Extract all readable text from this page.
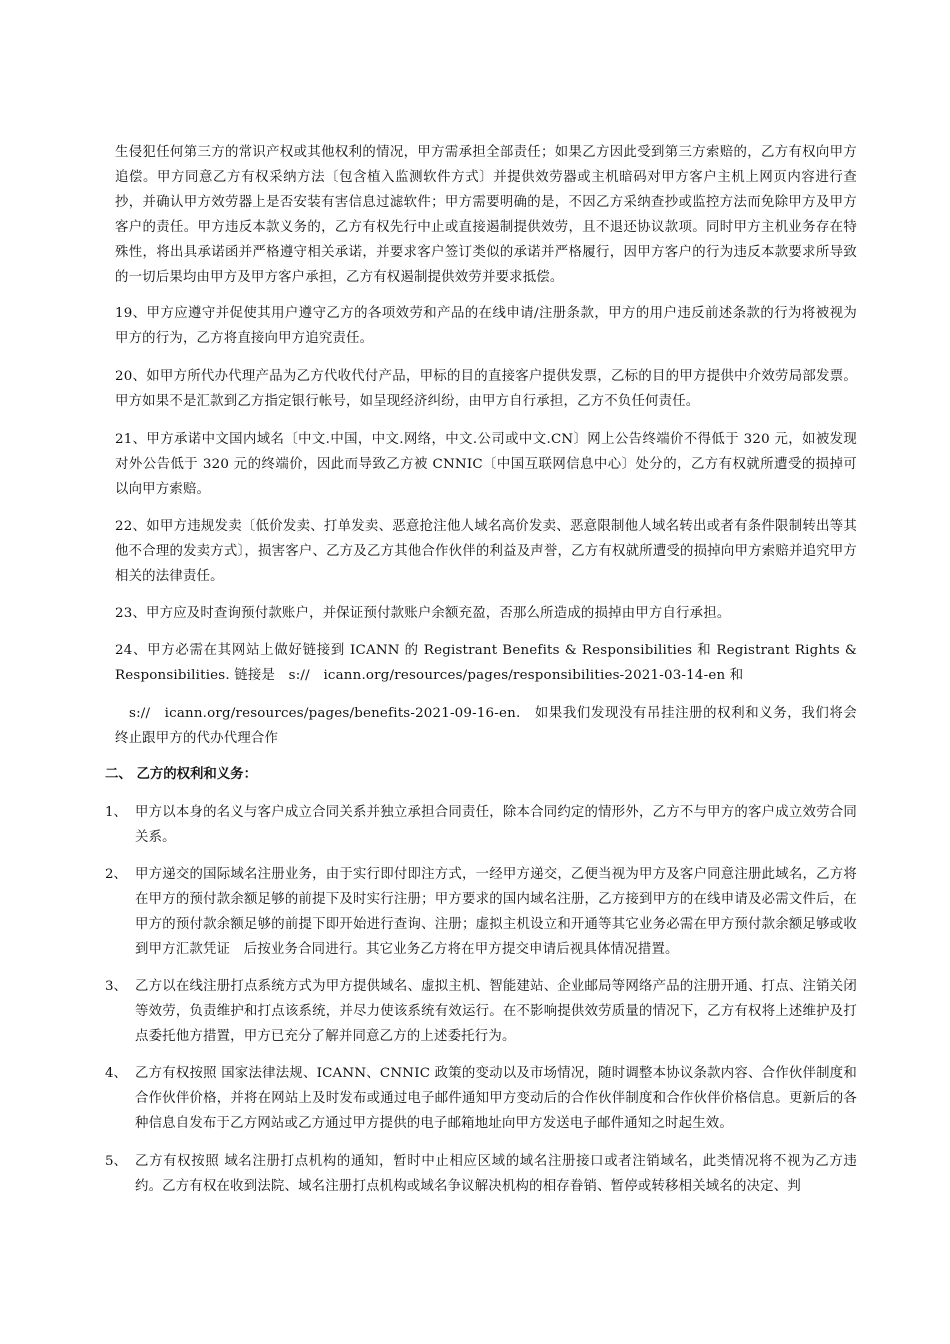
生侵犯任何第三方的常识产权或其他权利的情况，甲方需承担全部责任；如果乙方因此受到第三方索赔的，乙方有权向甲方追偿。甲方同意乙方有权采纳方法〔包含植入监测软件方式〕并提供效劳器或主机暗码对甲方客户主机上网页内容进行查抄，并确认甲方效劳器上是否安装有害信息过滤软件；甲方需要明确的是，不因乙方采纳查抄或监控方法而免除甲方及甲方客户的责任。甲方违反本款义务的，乙方有权先行中止或直接遏制提供效劳，且不退还协议款项。同时甲方主机业务存在特殊性，将出具承诺函并严格遵守相关承诺，并要求客户签订类似的承诺并严格履行，因甲方客户的行为违反本款要求所导致的一切后果均由甲方及甲方客户承担，乙方有权遏制提供效劳并要求抵偿。

19、甲方应遵守并促使其用户遵守乙方的各项效劳和产品的在线申请/注册条款，甲方的用户违反前述条款的行为将被视为甲方的行为，乙方将直接向甲方追究责任。

20、如甲方所代办代理产品为乙方代收代付产品，甲标的目的直接客户提供发票，乙标的目的甲方提供中介效劳局部发票。甲方如果不是汇款到乙方指定银行帐号，如呈现经济纠纷，由甲方自行承担，乙方不负任何责任。

21、甲方承诺中文国内域名〔中文.中国，中文.网络，中文.公司或中文.CN〕网上公告终端价不得低于 320 元，如被发现对外公告低于 320 元的终端价，因此而导致乙方被 CNNIC〔中国互联网信息中心〕处分的，乙方有权就所遭受的损掉可以向甲方索赔。

22、如甲方违规发卖〔低价发卖、打单发卖、恶意抢注他人域名高价发卖、恶意限制他人域名转出或者有条件限制转出等其他不合理的发卖方式〕，损害客户、乙方及乙方其他合作伙伴的利益及声誉，乙方有权就所遭受的损掉向甲方索赔并追究甲方相关的法律责任。

23、甲方应及时查询预付款账户，并保证预付款账户余额充盈，否那么所造成的损掉由甲方自行承担。

24、甲方必需在其网站上做好链接到 ICANN 的 Registrant Benefits & Responsibilities 和 Registrant Rights & Responsibilities. 链接是　s://　icann.org/resources/pages/responsibilities-2021-03-14-en 和

s://　icann.org/resources/pages/benefits-2021-09-16-en.　如果我们发现没有吊挂注册的权利和义务，我们将会终止跟甲方的代办代理合作

二、 乙方的权利和义务：

1、 甲方以本身的名义与客户成立合同关系并独立承担合同责任，除本合同约定的情形外，乙方不与甲方的客户成立效劳合同关系。
2、 甲方递交的国际域名注册业务，由于实行即付即注方式，一经甲方递交，乙便当视为甲方及客户同意注册此域名，乙方将在甲方的预付款余额足够的前提下及时实行注册；甲方要求的国内域名注册，乙方接到甲方的在线申请及必需文件后，在甲方的预付款余额足够的前提下即开始进行查询、注册；虚拟主机设立和开通等其它业务必需在甲方预付款余额足够或收到甲方汇款凭证　后按业务合同进行。其它业务乙方将在甲方提交申请后视具体情况措置。
3、 乙方以在线注册打点系统方式为甲方提供域名、虚拟主机、智能建站、企业邮局等网络产品的注册开通、打点、注销关闭等效劳，负责维护和打点该系统，并尽力使该系统有效运行。在不影响提供效劳质量的情况下，乙方有权将上述维护及打点委托他方措置，甲方已充分了解并同意乙方的上述委托行为。
4、 乙方有权按照 国家法律法规、ICANN、CNNIC 政策的变动以及市场情况，随时调整本协议条款内容、合作伙伴制度和合作伙伴价格，并将在网站上及时发布或通过电子邮件通知甲方变动后的合作伙伴制度和合作伙伴价格信息。更新后的各种信息自发布于乙方网站或乙方通过甲方提供的电子邮箱地址向甲方发送电子邮件通知之时起生效。
5、 乙方有权按照 域名注册打点机构的通知，暂时中止相应区域的域名注册接口或者注销域名，此类情况将不视为乙方违约。乙方有权在收到法院、域名注册打点机构或域名争议解决机构的相存眷销、暂停或转移相关域名的决定、判
